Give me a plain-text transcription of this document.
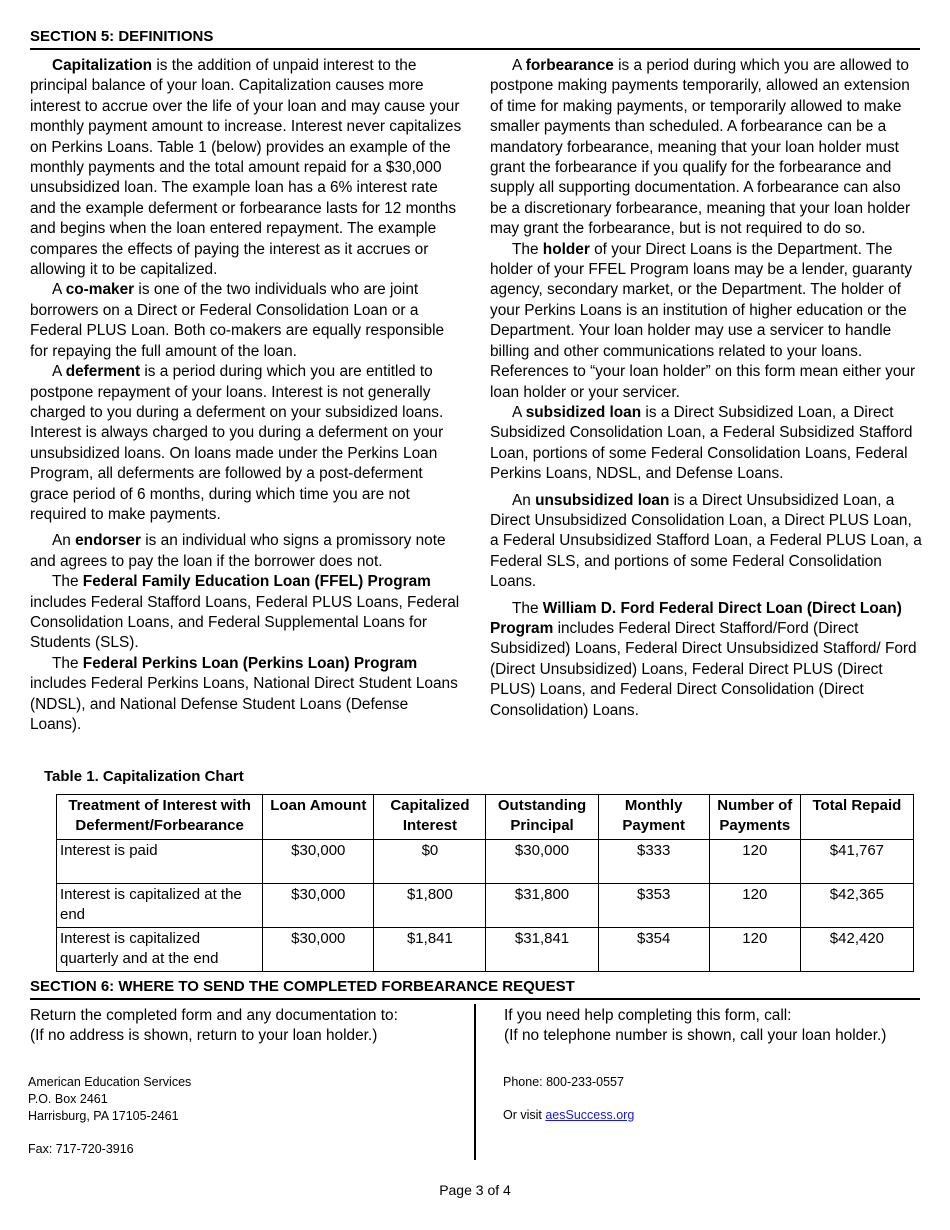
SECTION 5: DEFINITIONS

Capitalization is the addition of unpaid interest to the principal balance of your loan. Capitalization causes more interest to accrue over the life of your loan and may cause your monthly payment amount to increase. Interest never capitalizes on Perkins Loans. Table 1 (below) provides an example of the monthly payments and the total amount repaid for a $30,000 unsubsidized loan. The example loan has a 6% interest rate and the example deferment or forbearance lasts for 12 months and begins when the loan entered repayment. The example compares the effects of paying the interest as it accrues or allowing it to be capitalized.

A co-maker is one of the two individuals who are joint borrowers on a Direct or Federal Consolidation Loan or a Federal PLUS Loan. Both co-makers are equally responsible for repaying the full amount of the loan.

A deferment is a period during which you are entitled to postpone repayment of your loans. Interest is not generally charged to you during a deferment on your subsidized loans. Interest is always charged to you during a deferment on your unsubsidized loans. On loans made under the Perkins Loan Program, all deferments are followed by a post-deferment grace period of 6 months, during which time you are not required to make payments.

An endorser is an individual who signs a promissory note and agrees to pay the loan if the borrower does not.

The Federal Family Education Loan (FFEL) Program includes Federal Stafford Loans, Federal PLUS Loans, Federal Consolidation Loans, and Federal Supplemental Loans for Students (SLS).

The Federal Perkins Loan (Perkins Loan) Program includes Federal Perkins Loans, National Direct Student Loans (NDSL), and National Defense Student Loans (Defense Loans).

A forbearance is a period during which you are allowed to postpone making payments temporarily, allowed an extension of time for making payments, or temporarily allowed to make smaller payments than scheduled. A forbearance can be a mandatory forbearance, meaning that your loan holder must grant the forbearance if you qualify for the forbearance and supply all supporting documentation. A forbearance can also be a discretionary forbearance, meaning that your loan holder may grant the forbearance, but is not required to do so.

The holder of your Direct Loans is the Department. The holder of your FFEL Program loans may be a lender, guaranty agency, secondary market, or the Department. The holder of your Perkins Loans is an institution of higher education or the Department. Your loan holder may use a servicer to handle billing and other communications related to your loans. References to “your loan holder” on this form mean either your loan holder or your servicer.

A subsidized loan is a Direct Subsidized Loan, a Direct Subsidized Consolidation Loan, a Federal Subsidized Stafford Loan, portions of some Federal Consolidation Loans, Federal Perkins Loans, NDSL, and Defense Loans.

An unsubsidized loan is a Direct Unsubsidized Loan, a Direct Unsubsidized Consolidation Loan, a Direct PLUS Loan, a Federal Unsubsidized Stafford Loan, a Federal PLUS Loan, a Federal SLS, and portions of some Federal Consolidation Loans.

The William D. Ford Federal Direct Loan (Direct Loan) Program includes Federal Direct Stafford/Ford (Direct Subsidized) Loans, Federal Direct Unsubsidized Stafford/ Ford (Direct Unsubsidized) Loans, Federal Direct PLUS (Direct PLUS) Loans, and Federal Direct Consolidation (Direct Consolidation) Loans.

Table 1. Capitalization Chart
Treatment of Interest with Deferment/Forbearance	Loan Amount	Capitalized Interest	Outstanding Principal	Monthly Payment	Number of Payments	Total Repaid
Interest is paid	$30,000	$0	$30,000	$333	120	$41,767
Interest is capitalized at the end	$30,000	$1,800	$31,800	$353	120	$42,365
Interest is capitalized quarterly and at the end	$30,000	$1,841	$31,841	$354	120	$42,420
SECTION 6: WHERE TO SEND THE COMPLETED FORBEARANCE REQUEST
Return the completed form and any documentation to:
(If no address is shown, return to your loan holder.)
American Education Services
P.O. Box 2461
Harrisburg, PA 17105-2461
Fax: 717-720-3916
If you need help completing this form, call:
(If no telephone number is shown, call your loan holder.)
Phone: 800-233-0557
Or visit aesSuccess.org
Page 3 of 4
